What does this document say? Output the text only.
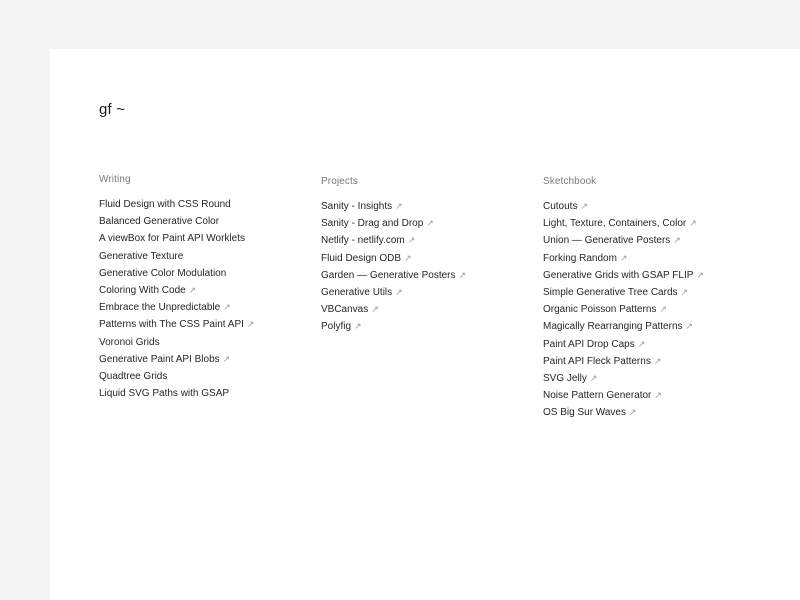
gf ~
Writing
Fluid Design with CSS Round
Balanced Generative Color
A viewBox for Paint API Worklets
Generative Texture
Generative Color Modulation
Coloring With Code ↗
Embrace the Unpredictable ↗
Patterns with The CSS Paint API ↗
Voronoi Grids
Generative Paint API Blobs ↗
Quadtree Grids
Liquid SVG Paths with GSAP
Projects
Sanity - Insights ↗
Sanity - Drag and Drop ↗
Netlify - netlify.com ↗
Fluid Design ODB ↗
Garden — Generative Posters ↗
Generative Utils ↗
VBCanvas ↗
Polyfig ↗
Sketchbook
Cutouts ↗
Light, Texture, Containers, Color ↗
Union — Generative Posters ↗
Forking Random ↗
Generative Grids with GSAP FLIP ↗
Simple Generative Tree Cards ↗
Organic Poisson Patterns ↗
Magically Rearranging Patterns ↗
Paint API Drop Caps ↗
Paint API Fleck Patterns ↗
SVG Jelly ↗
Noise Pattern Generator ↗
OS Big Sur Waves ↗
